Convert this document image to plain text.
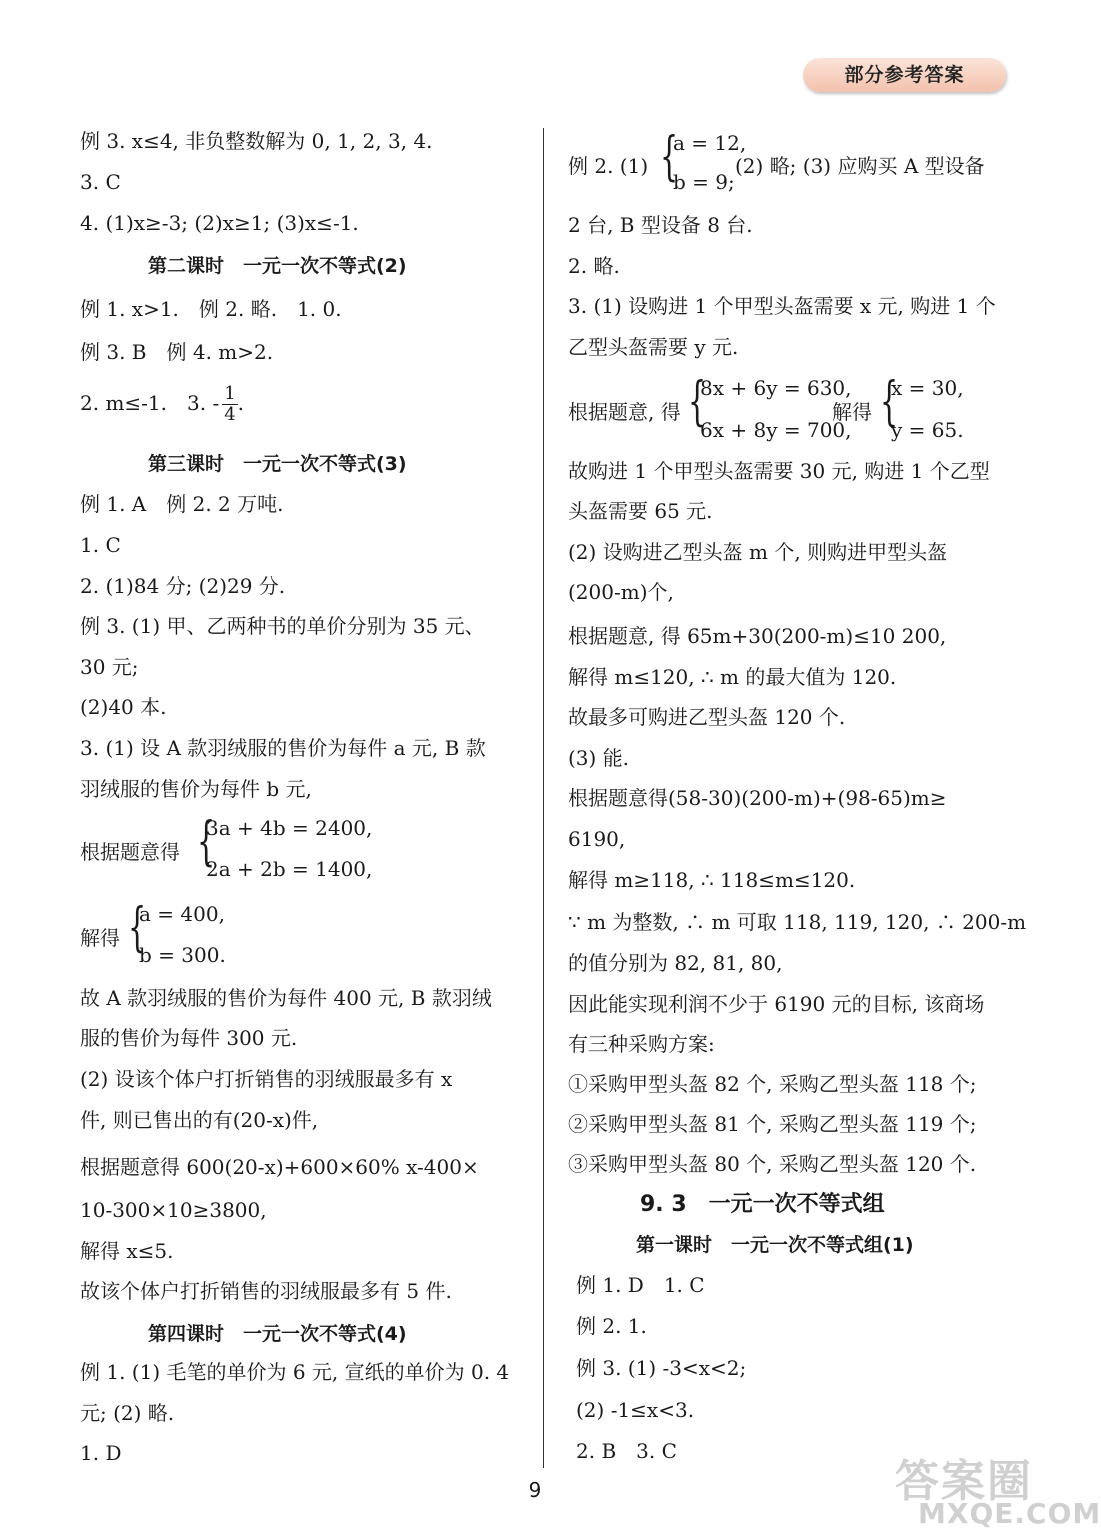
部分参考答案
例 3. x≤4, 非负整数解为 0, 1, 2, 3, 4.
3. C
4. (1)x≥-3; (2)x≥1; (3)x≤-1.
第二课时　一元一次不等式(2)
例 1. x>1.　例 2. 略.　1. 0.
例 3. B　例 4. m>2.
2. m≤-1.　3. - $\frac{1}{4}$ .
第三课时　一元一次不等式(3)
例 1. A　例 2. 2 万吨.
1. C
2. (1)84 分; (2)29 分.
例 3. (1) 甲、乙两种书的单价分别为 35 元、
30 元;
(2)40 本.
3. (1) 设 A 款羽绒服的售价为每件 a 元, B 款
羽绒服的售价为每件 b 元,
根据题意得 {
3a + 4b = 2400,
2a + 2b = 1400,
解得 {
a = 400,
b = 300.
故 A 款羽绒服的售价为每件 400 元, B 款羽绒
服的售价为每件 300 元.
(2) 设该个体户打折销售的羽绒服最多有 x
件, 则已售出的有(20-x)件,
根据题意得 600(20-x)+600×60% x-400×
10-300×10≥3800,
解得 x≤5.
故该个体户打折销售的羽绒服最多有 5 件.
第四课时　一元一次不等式(4)
例 1. (1) 毛笔的单价为 6 元, 宣纸的单价为 0. 4
元; (2) 略.
1. D
例 2. (1) {
a = 12,
b = 9;
(2) 略; (3) 应购买 A 型设备
2 台, B 型设备 8 台.
2. 略.
3. (1) 设购进 1 个甲型头盔需要 x 元, 购进 1 个
乙型头盔需要 y 元.
根据题意, 得 {
8x + 6y = 630,
6x + 8y = 700,
解得 {
x = 30,
y = 65.
故购进 1 个甲型头盔需要 30 元, 购进 1 个乙型
头盔需要 65 元.
(2) 设购进乙型头盔 m 个, 则购进甲型头盔
(200-m)个,
根据题意, 得 65m+30(200-m)≤10 200,
解得 m≤120, ∴ m 的最大值为 120.
故最多可购进乙型头盔 120 个.
(3) 能.
根据题意得(58-30)(200-m)+(98-65)m≥
6190,
解得 m≥118, ∴ 118≤m≤120.
∵ m 为整数, ∴ m 可取 118, 119, 120, ∴ 200-m
的值分别为 82, 81, 80,
因此能实现利润不少于 6190 元的目标, 该商场
有三种采购方案:
①采购甲型头盔 82 个, 采购乙型头盔 118 个;
②采购甲型头盔 81 个, 采购乙型头盔 119 个;
③采购甲型头盔 80 个, 采购乙型头盔 120 个.
9. 3　一元一次不等式组
第一课时　一元一次不等式组(1)
例 1. D　1. C
例 2. 1.
例 3. (1) -3<x<2;
(2) -1≤x<3.
2. B　3. C
9	答案圈
MXQE.COM
